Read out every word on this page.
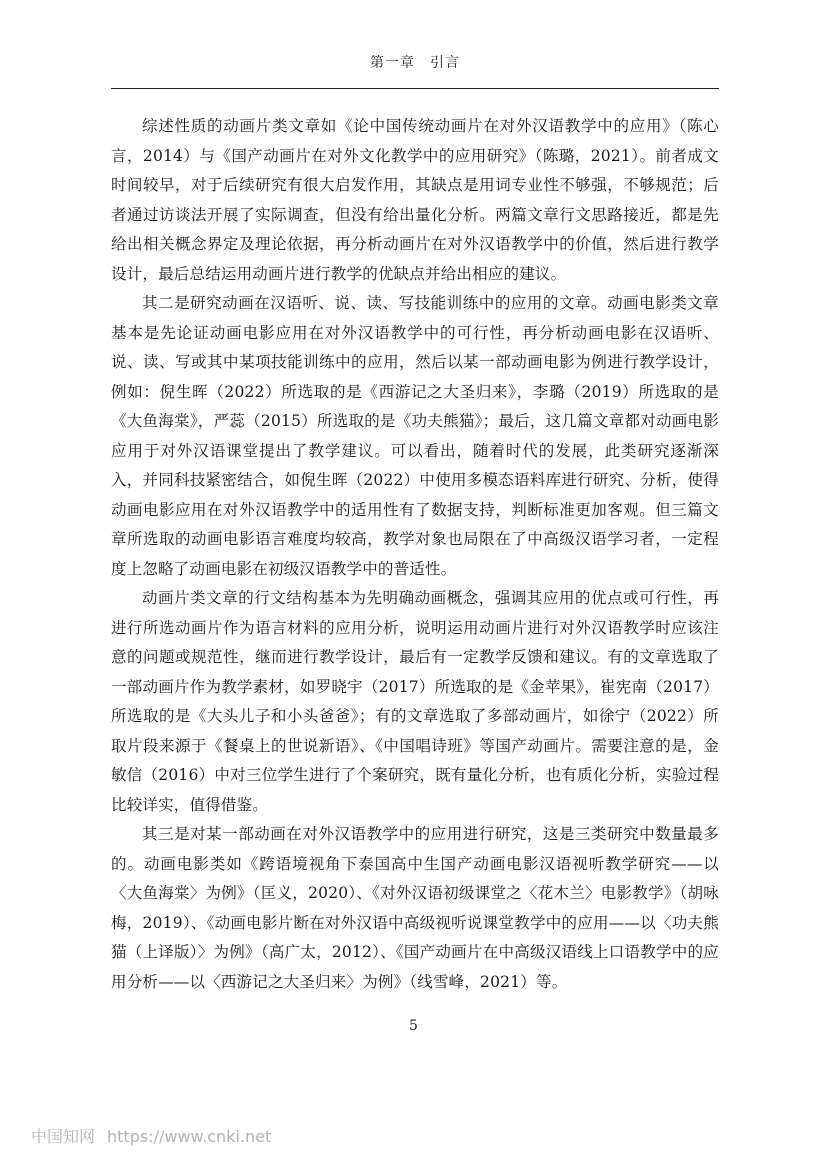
第一章　引言

综述性质的动画片类文章如《论中国传统动画片在对外汉语教学中的应用》（陈心言，2014）与《国产动画片在对外文化教学中的应用研究》（陈璐，2021）。前者成文时间较早，对于后续研究有很大启发作用，其缺点是用词专业性不够强，不够规范；后者通过访谈法开展了实际调查，但没有给出量化分析。两篇文章行文思路接近，都是先给出相关概念界定及理论依据，再分析动画片在对外汉语教学中的价值，然后进行教学设计，最后总结运用动画片进行教学的优缺点并给出相应的建议。

其二是研究动画在汉语听、说、读、写技能训练中的应用的文章。动画电影类文章基本是先论证动画电影应用在对外汉语教学中的可行性，再分析动画电影在汉语听、说、读、写或其中某项技能训练中的应用，然后以某一部动画电影为例进行教学设计，例如：倪生晖（2022）所选取的是《西游记之大圣归来》，李璐（2019）所选取的是《大鱼海棠》，严蕊（2015）所选取的是《功夫熊猫》；最后，这几篇文章都对动画电影应用于对外汉语课堂提出了教学建议。可以看出，随着时代的发展，此类研究逐渐深入，并同科技紧密结合，如倪生晖（2022）中使用多模态语料库进行研究、分析，使得动画电影应用在对外汉语教学中的适用性有了数据支持，判断标准更加客观。但三篇文章所选取的动画电影语言难度均较高，教学对象也局限在了中高级汉语学习者，一定程度上忽略了动画电影在初级汉语教学中的普适性。

动画片类文章的行文结构基本为先明确动画概念，强调其应用的优点或可行性，再进行所选动画片作为语言材料的应用分析，说明运用动画片进行对外汉语教学时应该注意的问题或规范性，继而进行教学设计，最后有一定教学反馈和建议。有的文章选取了一部动画片作为教学素材，如罗晓宇（2017）所选取的是《金苹果》，崔宪南（2017）所选取的是《大头儿子和小头爸爸》；有的文章选取了多部动画片，如徐宁（2022）所取片段来源于《餐桌上的世说新语》、《中国唱诗班》等国产动画片。需要注意的是，金敏信（2016）中对三位学生进行了个案研究，既有量化分析，也有质化分析，实验过程比较详实，值得借鉴。

其三是对某一部动画在对外汉语教学中的应用进行研究，这是三类研究中数量最多的。动画电影类如《跨语境视角下泰国高中生国产动画电影汉语视听教学研究——以〈大鱼海棠〉为例》（匡义，2020）、《对外汉语初级课堂之〈花木兰〉电影教学》（胡咏梅，2019）、《动画电影片断在对外汉语中高级视听说课堂教学中的应用——以〈功夫熊猫（上译版）〉为例》（高广太，2012）、《国产动画片在中高级汉语线上口语教学中的应用分析——以〈西游记之大圣归来〉为例》（线雪峰，2021）等。

5
中国知网 https://www.cnki.net
